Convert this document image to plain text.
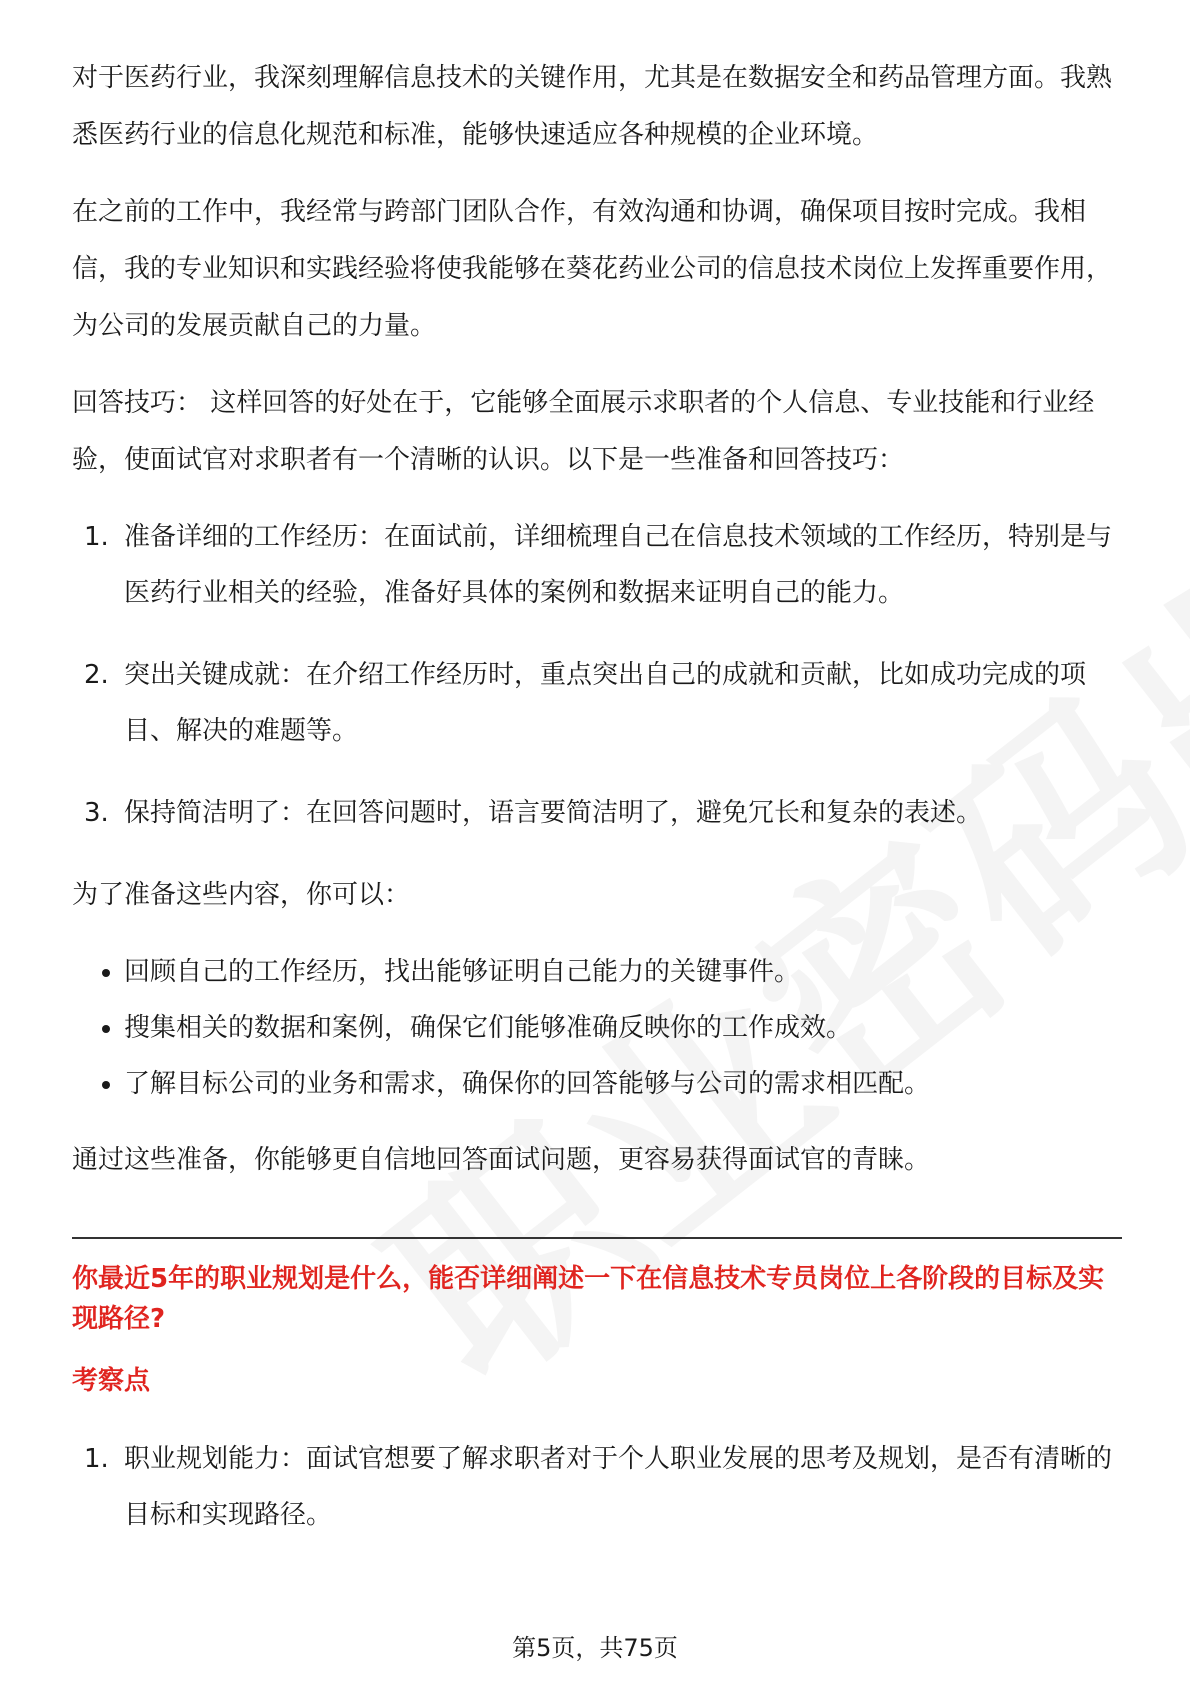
对于医药行业，我深刻理解信息技术的关键作用，尤其是在数据安全和药品管理方面。我熟悉医药行业的信息化规范和标准，能够快速适应各种规模的企业环境。

在之前的工作中，我经常与跨部门团队合作，有效沟通和协调，确保项目按时完成。我相信，我的专业知识和实践经验将使我能够在葵花药业公司的信息技术岗位上发挥重要作用，为公司的发展贡献自己的力量。

回答技巧： 这样回答的好处在于，它能够全面展示求职者的个人信息、专业技能和行业经验，使面试官对求职者有一个清晰的认识。以下是一些准备和回答技巧：

1. 准备详细的工作经历：在面试前，详细梳理自己在信息技术领域的工作经历，特别是与医药行业相关的经验，准备好具体的案例和数据来证明自己的能力。
2. 突出关键成就：在介绍工作经历时，重点突出自己的成就和贡献，比如成功完成的项目、解决的难题等。
3. 保持简洁明了：在回答问题时，语言要简洁明了，避免冗长和复杂的表述。

为了准备这些内容，你可以：

回顾自己的工作经历，找出能够证明自己能力的关键事件。
搜集相关的数据和案例，确保它们能够准确反映你的工作成效。
了解目标公司的业务和需求，确保你的回答能够与公司的需求相匹配。

通过这些准备，你能够更自信地回答面试问题，更容易获得面试官的青睐。

你最近5年的职业规划是什么，能否详细阐述一下在信息技术专员岗位上各阶段的目标及实现路径?

考察点

1. 职业规划能力：面试官想要了解求职者对于个人职业发展的思考及规划，是否有清晰的目标和实现路径。
第5页，共75页
